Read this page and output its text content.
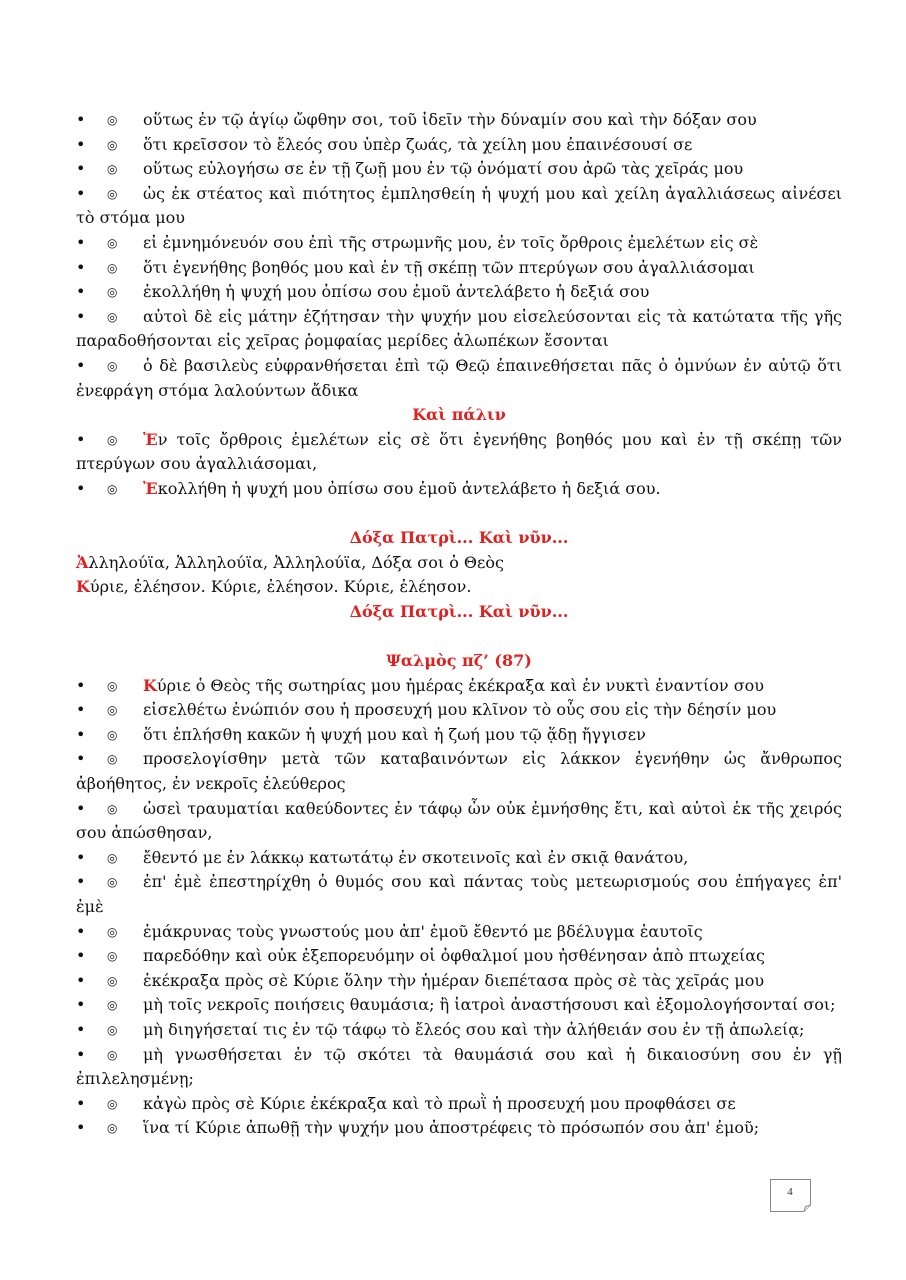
• ◎ οὕτως ἐν τῷ ἁγίῳ ὤφθην σοι, τοῦ ἰδεῖν τὴν δύναμίν σου καὶ τὴν δόξαν σου
• ◎ ὅτι κρεῖσσον τὸ ἔλεός σου ὑπὲρ ζωάς, τὰ χείλη μου ἐπαινέσουσί σε
• ◎ οὕτως εὐλογήσω σε ἐν τῇ ζωῇ μου ἐν τῷ ὀνόματί σου ἀρῶ τὰς χεῖράς μου
• ◎ ὡς ἐκ στέατος καὶ πιότητος ἐμπλησθείη ἡ ψυχή μου καὶ χείλη ἀγαλλιάσεως αἰνέσει τὸ στόμα μου
• ◎ εἰ ἐμνημόνευόν σου ἐπὶ τῆς στρωμνῆς μου, ἐν τοῖς ὄρθροις ἐμελέτων εἰς σὲ
• ◎ ὅτι ἐγενήθης βοηθός μου καὶ ἐν τῇ σκέπῃ τῶν πτερύγων σου ἀγαλλιάσομαι
• ◎ ἐκολλήθη ἡ ψυχή μου ὀπίσω σου ἐμοῦ ἀντελάβετο ἡ δεξιά σου
• ◎ αὐτοὶ δὲ εἰς μάτην ἐζήτησαν τὴν ψυχήν μου εἰσελεύσονται εἰς τὰ κατώτατα τῆς γῆς παραδοθήσονται εἰς χεῖρας ῥομφαίας μερίδες ἀλωπέκων ἔσονται
• ◎ ὁ δὲ βασιλεὺς εὐφρανθήσεται ἐπὶ τῷ Θεῷ ἐπαινεθήσεται πᾶς ὁ ὀμνύων ἐν αὐτῷ ὅτι ἐνεφράγη στόμα λαλούντων ἄδικα
Καὶ πάλιν
• ◎ Ἐν τοῖς ὄρθροις ἐμελέτων εἰς σὲ ὅτι ἐγενήθης βοηθός μου καὶ ἐν τῇ σκέπῃ τῶν πτερύγων σου ἀγαλλιάσομαι,
• ◎ Ἐκολλήθη ἡ ψυχή μου ὀπίσω σου ἐμοῦ ἀντελάβετο ἡ δεξιά σου.
Δόξα Πατρὶ... Καὶ νῦν...
Ἀλληλούϊα, Ἀλληλούϊα, Ἀλληλούϊα, Δόξα σοι ὁ Θεὸς
Κύριε, ἐλέησον. Κύριε, ἐλέησον. Κύριε, ἐλέησον.
Δόξα Πατρὶ... Καὶ νῦν...
Ψαλμὸς πζ’ (87)
• ◎ Κύριε ὁ Θεὸς τῆς σωτηρίας μου ἡμέρας ἐκέκραξα καὶ ἐν νυκτὶ ἐναντίον σου
• ◎ εἰσελθέτω ἐνώπιόν σου ἡ προσευχή μου κλῖνον τὸ οὖς σου εἰς τὴν δέησίν μου
• ◎ ὅτι ἐπλήσθη κακῶν ἡ ψυχή μου καὶ ἡ ζωή μου τῷ ᾅδῃ ἤγγισεν
• ◎ προσελογίσθην μετὰ τῶν καταβαινόντων εἰς λάκκον ἐγενήθην ὡς ἄνθρωπος ἀβοήθητος, ἐν νεκροῖς ἐλεύθερος
• ◎ ὡσεὶ τραυματίαι καθεύδοντες ἐν τάφῳ ὧν οὐκ ἐμνήσθης ἔτι, καὶ αὐτοὶ ἐκ τῆς χειρός σου ἀπώσθησαν,
• ◎ ἔθεντό με ἐν λάκκῳ κατωτάτῳ ἐν σκοτεινοῖς καὶ ἐν σκιᾷ θανάτου,
• ◎ ἐπ' ἐμὲ ἐπεστηρίχθη ὁ θυμός σου καὶ πάντας τοὺς μετεωρισμούς σου ἐπήγαγες ἐπ' ἐμὲ
• ◎ ἐμάκρυνας τοὺς γνωστούς μου ἀπ' ἐμοῦ ἔθεντό με βδέλυγμα ἑαυτοῖς
• ◎ παρεδόθην καὶ οὐκ ἐξεπορευόμην οἱ ὀφθαλμοί μου ἠσθένησαν ἀπὸ πτωχείας
• ◎ ἐκέκραξα πρὸς σὲ Κύριε ὅλην τὴν ἡμέραν διεπέτασα πρὸς σὲ τὰς χεῖράς μου
• ◎ μὴ τοῖς νεκροῖς ποιήσεις θαυμάσια; ἢ ἰατροὶ ἀναστήσουσι καὶ ἐξομολογήσονταί σοι;
• ◎ μὴ διηγήσεταί τις ἐν τῷ τάφῳ τὸ ἔλεός σου καὶ τὴν ἀλήθειάν σου ἐν τῇ ἀπωλείᾳ;
• ◎ μὴ γνωσθήσεται ἐν τῷ σκότει τὰ θαυμάσιά σου καὶ ἡ δικαιοσύνη σου ἐν γῇ ἐπιλελησμένῃ;
• ◎ κἀγὼ πρὸς σὲ Κύριε ἐκέκραξα καὶ τὸ πρωῒ ἡ προσευχή μου προφθάσει σε
• ◎ ἵνα τί Κύριε ἀπωθῇ τὴν ψυχήν μου ἀποστρέφεις τὸ πρόσωπόν σου ἀπ' ἐμοῦ;
4
